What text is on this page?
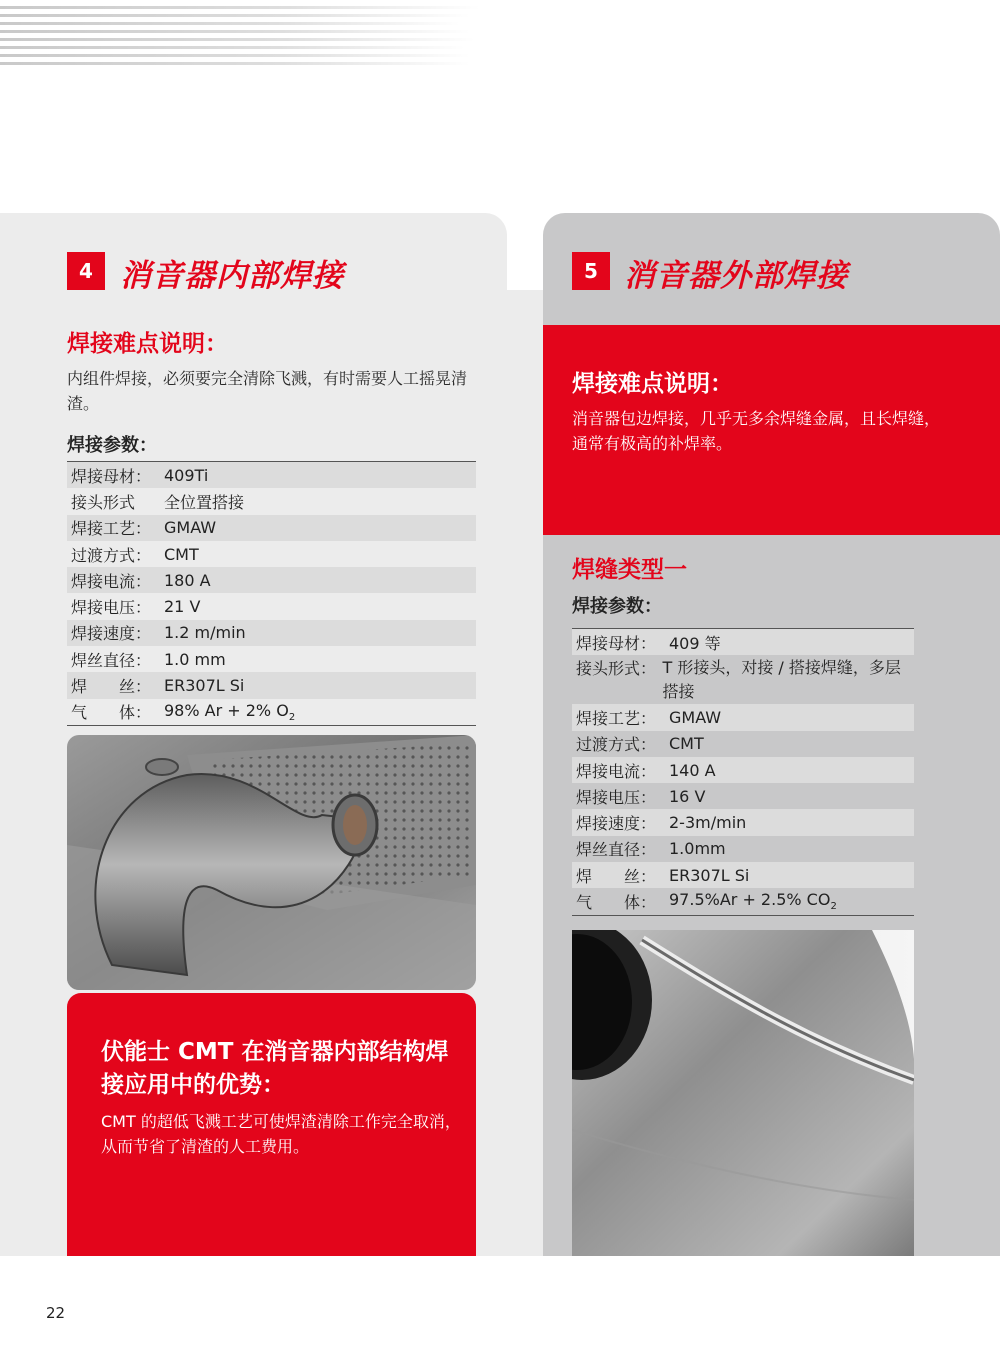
4 消音器内部焊接
焊接难点说明：
内组件焊接，必须要完全清除飞溅，有时需要人工摇晃清渣。
焊接参数：
焊接母材： 409Ti
接头形式	全位置搭接
焊接工艺： GMAW
过渡方式： CMT
焊接电流： 180 A
焊接电压： 21 V
焊接速度： 1.2 m/min
焊丝直径： 1.0 mm
焊　　丝： ER307L Si
气　　体： 98% Ar + 2% $O_2$
伏能士 CMT 在消音器内部结构焊接应用中的优势：
CMT 的超低飞溅工艺可使焊渣清除工作完全取消，从而节省了清渣的人工费用。
5 消音器外部焊接
焊接难点说明：
消音器包边焊接，几乎无多余焊缝金属，且长焊缝，通常有极高的补焊率。
焊缝类型一
焊接参数：
焊接母材： 409 等
接头形式： T 形接头，对接 / 搭接焊缝，多层搭接
焊接工艺： GMAW
过渡方式： CMT
焊接电流： 140 A
焊接电压： 16 V
焊接速度： 2-3m/min
焊丝直径： 1.0mm
焊　　丝： ER307L Si
气　　体： 97.5%Ar + 2.5% $CO_2$
22
